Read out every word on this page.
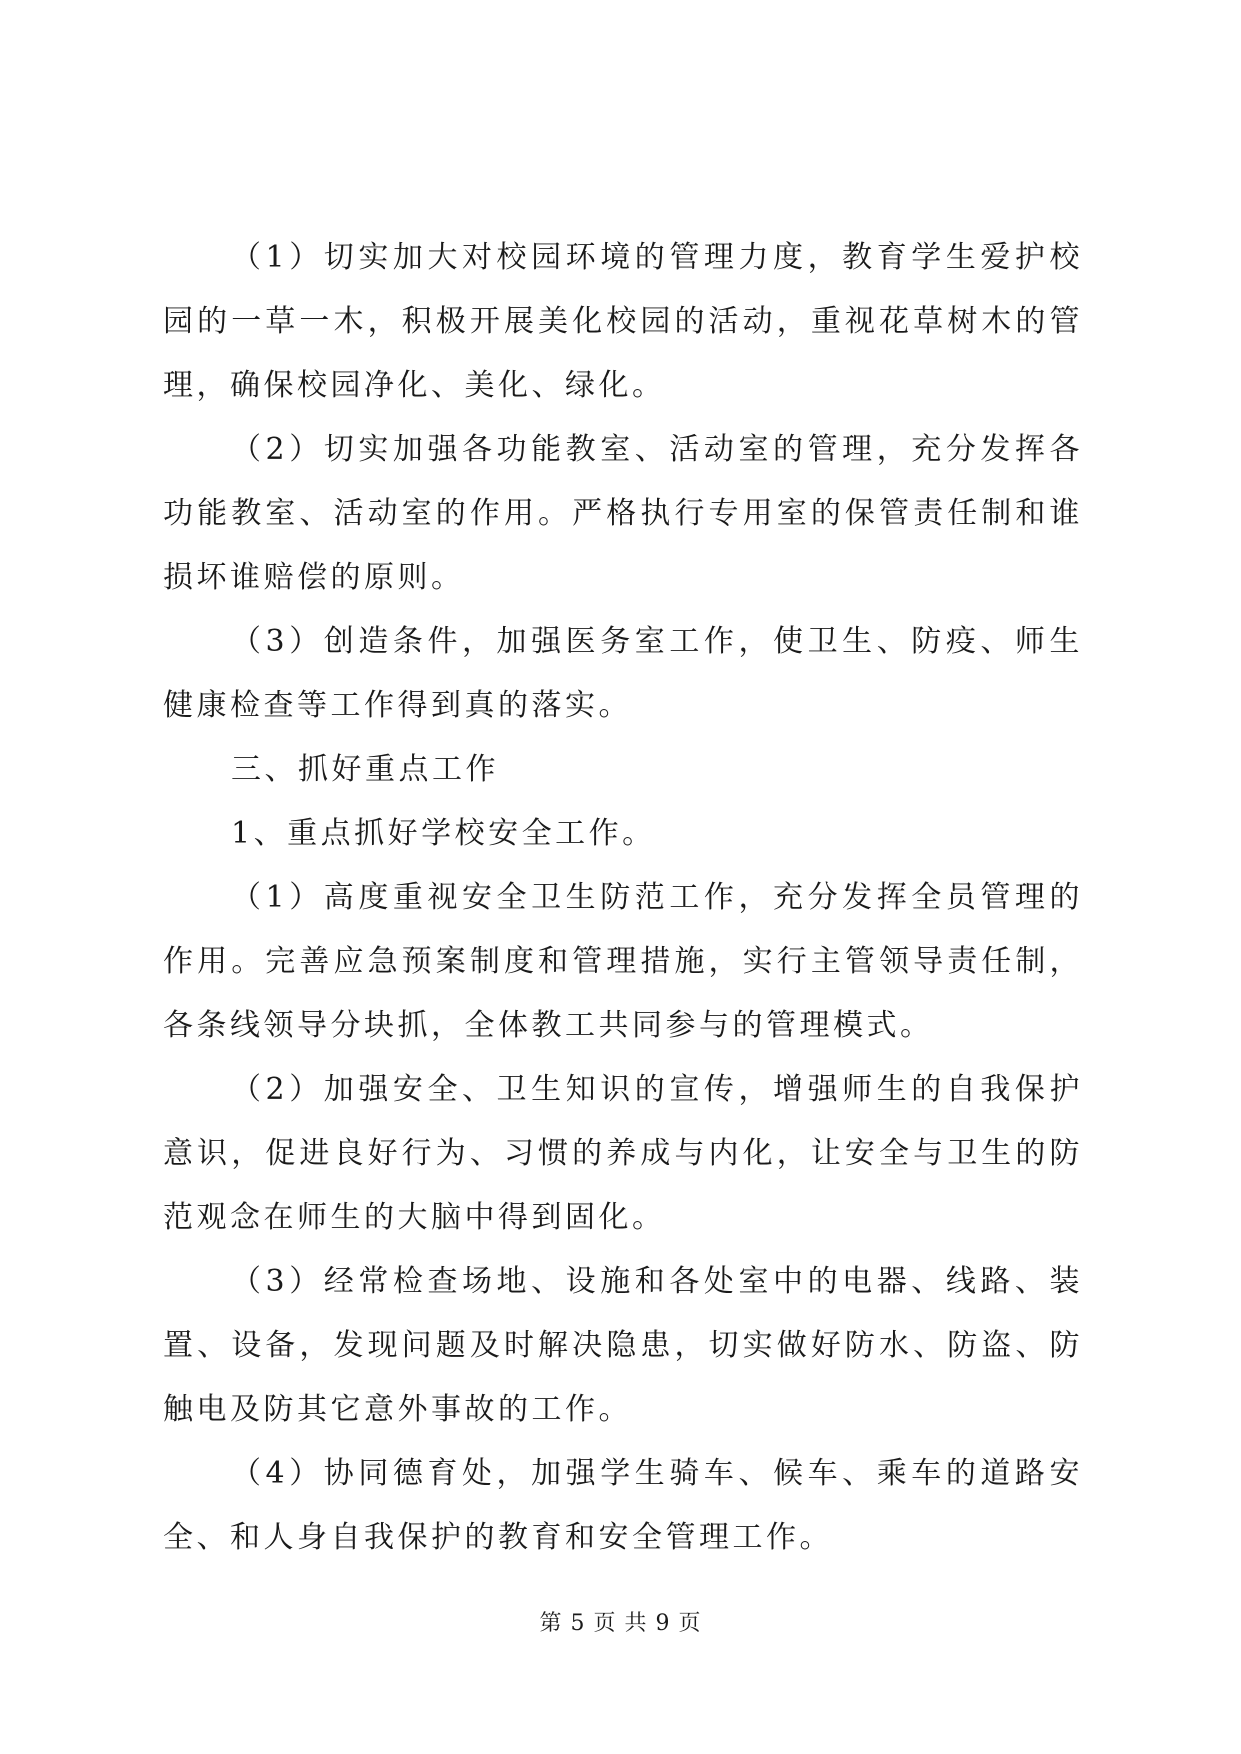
（1）切实加大对校园环境的管理力度，教育学生爱护校园的一草一木，积极开展美化校园的活动，重视花草树木的管理，确保校园净化、美化、绿化。

（2）切实加强各功能教室、活动室的管理，充分发挥各功能教室、活动室的作用。严格执行专用室的保管责任制和谁损坏谁赔偿的原则。

（3）创造条件，加强医务室工作，使卫生、防疫、师生健康检查等工作得到真的落实。

三、抓好重点工作

1、重点抓好学校安全工作。

（1）高度重视安全卫生防范工作，充分发挥全员管理的作用。完善应急预案制度和管理措施，实行主管领导责任制，各条线领导分块抓，全体教工共同参与的管理模式。

（2）加强安全、卫生知识的宣传，增强师生的自我保护意识，促进良好行为、习惯的养成与内化，让安全与卫生的防范观念在师生的大脑中得到固化。

（3）经常检查场地、设施和各处室中的电器、线路、装置、设备，发现问题及时解决隐患，切实做好防水、防盗、防触电及防其它意外事故的工作。

（4）协同德育处，加强学生骑车、候车、乘车的道路安全、和人身自我保护的教育和安全管理工作。

第 5 页 共 9 页
